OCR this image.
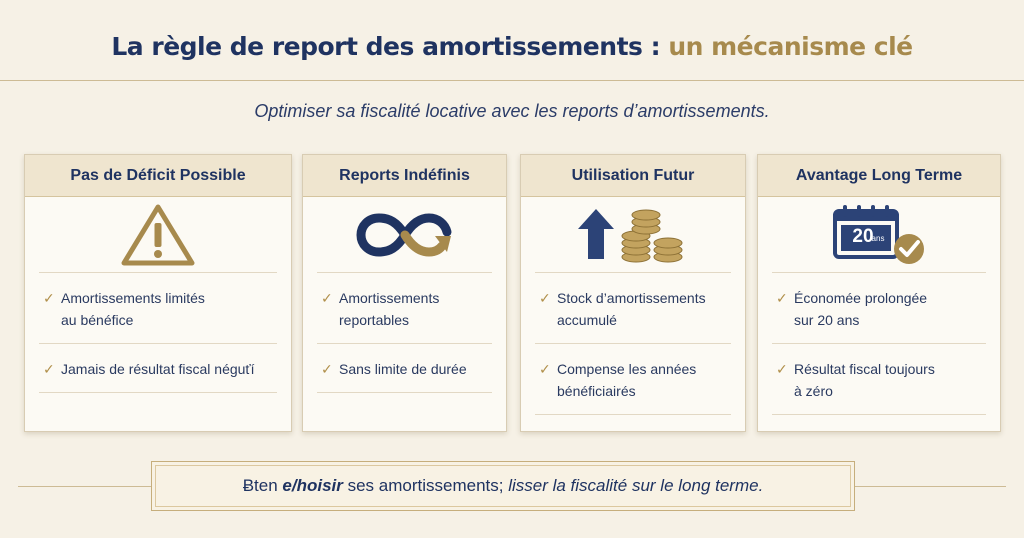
La règle de report des amortissements : un mécanisme clé
Optimiser sa fiscalité locative avec les reports d’amortissements.
Pas de Déficit Possible
✓ Amortissements limités
au bénéfice
✓ Jamais de résultat fiscal néguťí
Reports Indéfinis
✓ Amortissements
reportables
✓ Sans limite de durée
Utilisation Futur
✓ Stock d’amortissements
accumulé
✓ Compense les années
bénéficiairés
Avantage Long Terme
20
ans
✓ Économée prolongée
sur 20 ans
✓ Résultat fiscal toujours
à zéro
Ƀten e/hoisir ses amortissements; lisser la fiscalité sur le long terme.
